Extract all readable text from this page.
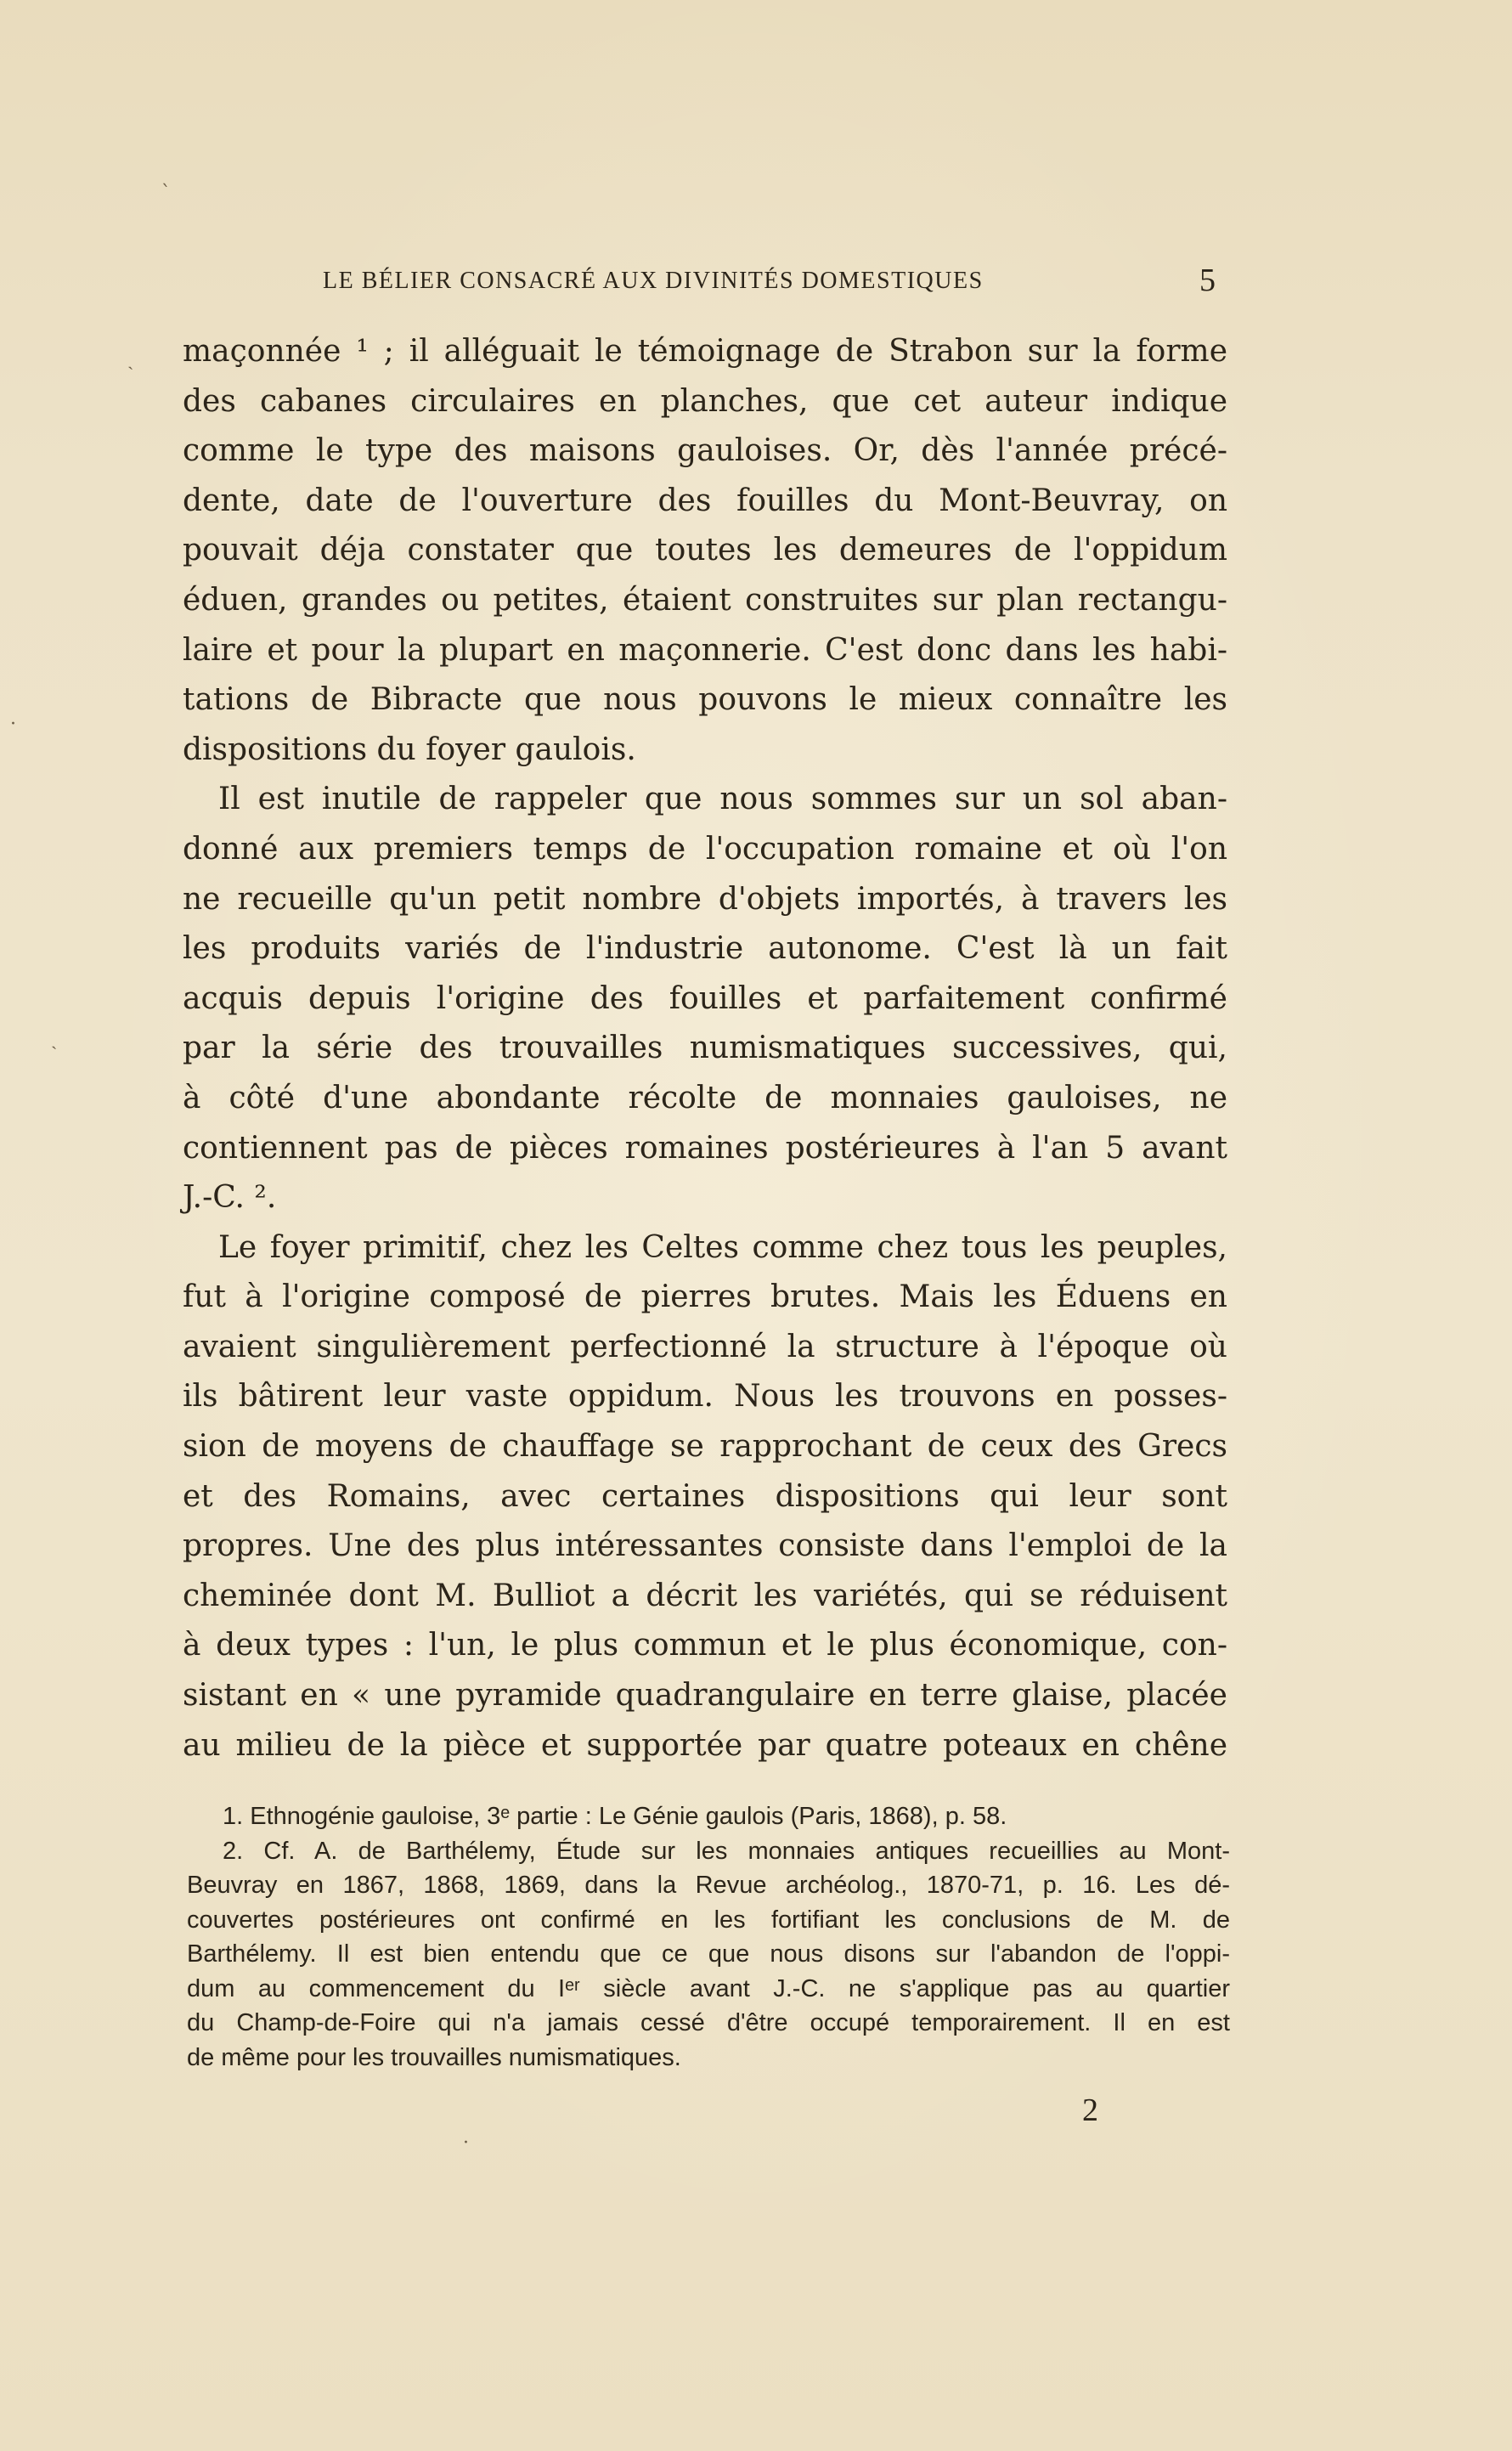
LE BÉLIER CONSACRÉ AUX DIVINITÉS DOMESTIQUES	5
maçonnée ¹ ; il alléguait le témoignage de Strabon sur la forme
des cabanes circulaires en planches, que cet auteur indique
comme le type des maisons gauloises. Or, dès l'année précé-
dente, date de l'ouverture des fouilles du Mont-Beuvray, on
pouvait déja constater que toutes les demeures de l'oppidum
éduen, grandes ou petites, étaient construites sur plan rectangu-
laire et pour la plupart en maçonnerie. C'est donc dans les habi-
tations de Bibracte que nous pouvons le mieux connaître les
dispositions du foyer gaulois.
Il est inutile de rappeler que nous sommes sur un sol aban-
donné aux premiers temps de l'occupation romaine et où l'on
ne recueille qu'un petit nombre d'objets importés, à travers les
les produits variés de l'industrie autonome. C'est là un fait
acquis depuis l'origine des fouilles et parfaitement confirmé
par la série des trouvailles numismatiques successives, qui,
à côté d'une abondante récolte de monnaies gauloises, ne
contiennent pas de pièces romaines postérieures à l'an 5 avant
J.-C. ².
Le foyer primitif, chez les Celtes comme chez tous les peuples,
fut à l'origine composé de pierres brutes. Mais les Éduens en
avaient singulièrement perfectionné la structure à l'époque où
ils bâtirent leur vaste oppidum. Nous les trouvons en posses-
sion de moyens de chauffage se rapprochant de ceux des Grecs
et des Romains, avec certaines dispositions qui leur sont
propres. Une des plus intéressantes consiste dans l'emploi de la
cheminée dont M. Bulliot a décrit les variétés, qui se réduisent
à deux types : l'un, le plus commun et le plus économique, con-
sistant en « une pyramide quadrangulaire en terre glaise, placée
au milieu de la pièce et supportée par quatre poteaux en chêne
1. Ethnogénie gauloise, 3ᵉ partie : Le Génie gaulois (Paris, 1868), p. 58.
2. Cf. A. de Barthélemy, Étude sur les monnaies antiques recueillies au Mont-
Beuvray en 1867, 1868, 1869, dans la Revue archéolog., 1870-71, p. 16. Les dé-
couvertes postérieures ont confirmé en les fortifiant les conclusions de M. de
Barthélemy. Il est bien entendu que ce que nous disons sur l'abandon de l'oppi-
dum au commencement du Iᵉʳ siècle avant J.-C. ne s'applique pas au quartier
du Champ-de-Foire qui n'a jamais cessé d'être occupé temporairement. Il en est
de même pour les trouvailles numismatiques.
2
`
ˎ
·
ˎ
·
